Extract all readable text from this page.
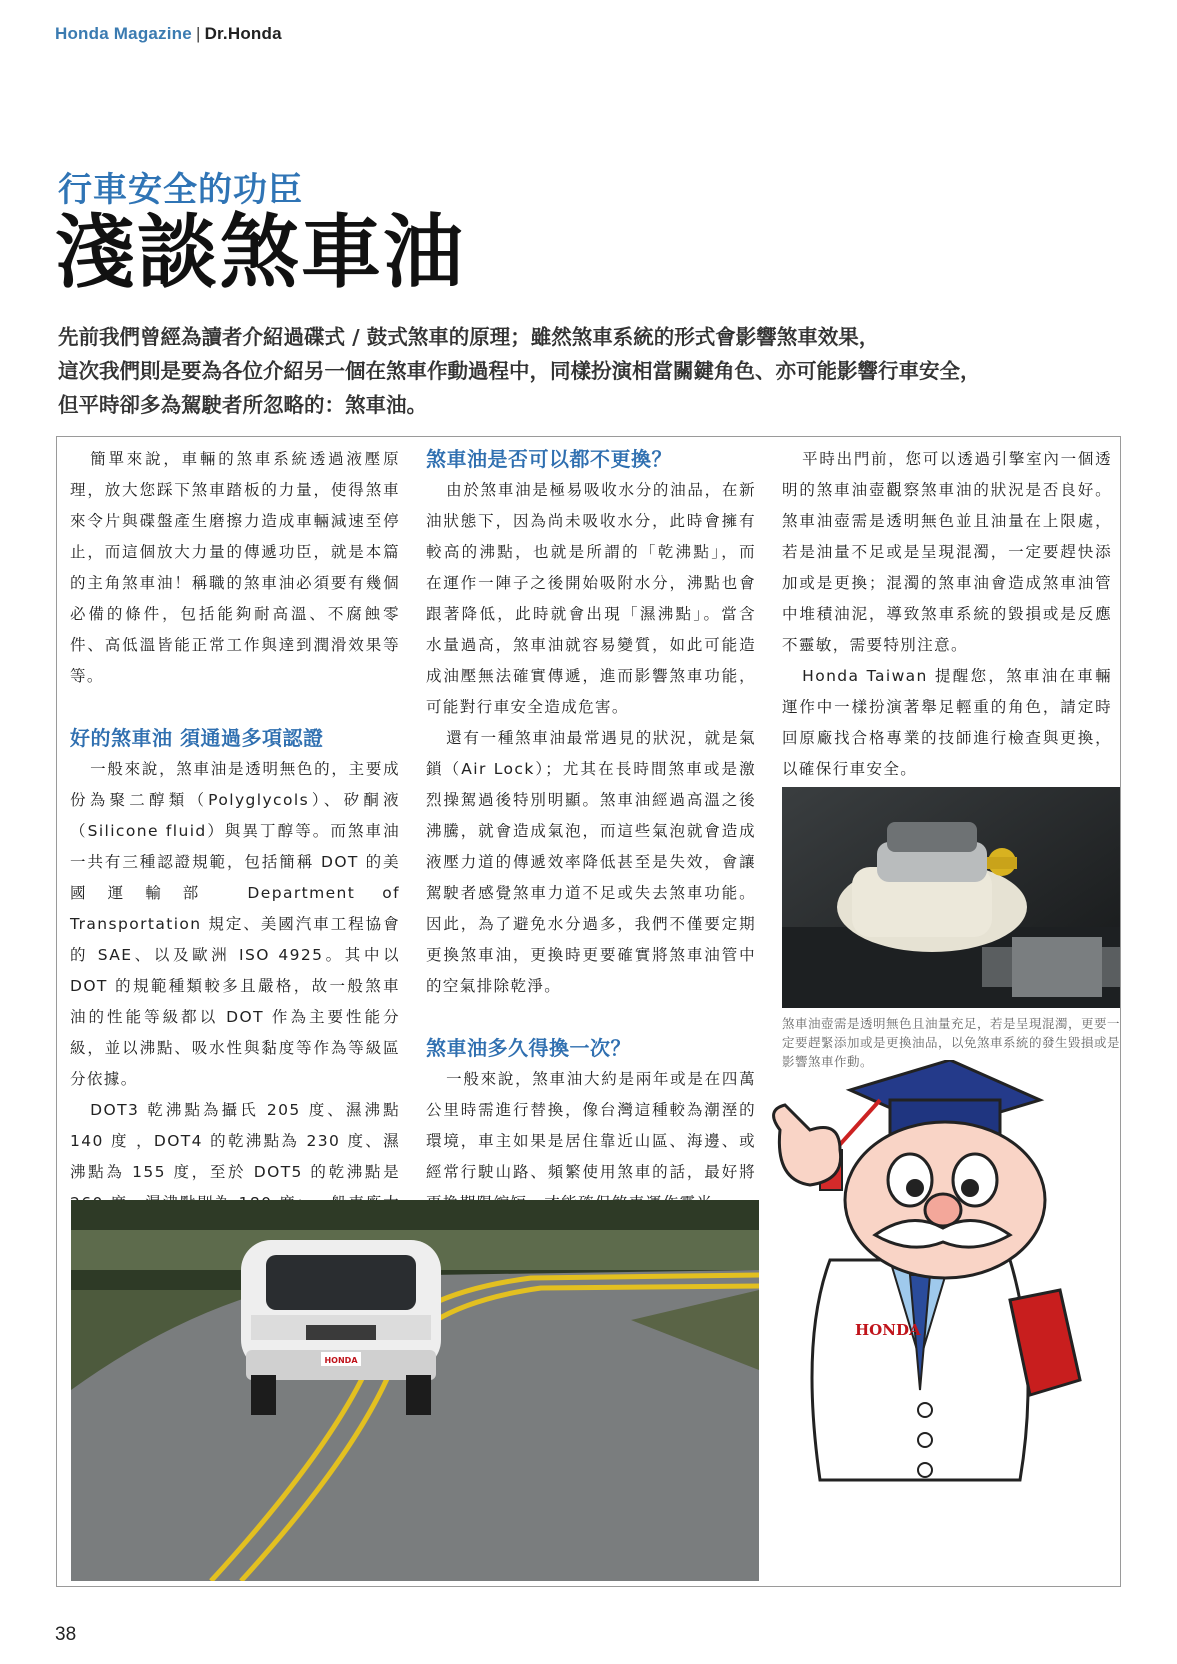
Honda Magazine | Dr.Honda
行車安全的功臣
淺談煞車油
先前我們曾經為讀者介紹過碟式 / 鼓式煞車的原理；雖然煞車系統的形式會影響煞車效果，
這次我們則是要為各位介紹另一個在煞車作動過程中，同樣扮演相當關鍵角色、亦可能影響行車安全，
但平時卻多為駕駛者所忽略的：煞車油。

簡單來說，車輛的煞車系統透過液壓原理，放大您踩下煞車踏板的力量，使得煞車來令片與碟盤產生磨擦力造成車輛減速至停止，而這個放大力量的傳遞功臣，就是本篇的主角煞車油！稱職的煞車油必須要有幾個必備的條件，包括能夠耐高溫、不腐蝕零件、高低溫皆能正常工作與達到潤滑效果等等。

好的煞車油 須通過多項認證

一般來說，煞車油是透明無色的，主要成份為聚二醇類（Polyglycols）、矽酮液（Silicone fluid）與異丁醇等。而煞車油一共有三種認證規範，包括簡稱 DOT 的美國運輸部 Department of Transportation 規定、美國汽車工程協會的 SAE、以及歐洲 ISO 4925。其中以 DOT 的規範種類較多且嚴格，故一般煞車油的性能等級都以 DOT 作為主要性能分級，並以沸點、吸水性與黏度等作為等級區分依據。

DOT3 乾沸點為攝氏 205 度、濕沸點 140 度 ，DOT4 的乾沸點為 230 度、濕沸點為 155 度，至於 DOT5 的乾沸點是

煞車油是否可以都不更換？

由於煞車油是極易吸收水分的油品，在新油狀態下，因為尚未吸收水分，此時會擁有較高的沸點，也就是所謂的「乾沸點」，而在運作一陣子之後開始吸附水分，沸點也會跟著降低，此時就會出現「濕沸點」。當含水量過高，煞車油就容易變質，如此可能造成油壓無法確實傳遞，進而影響煞車功能，可能對行車安全造成危害。

還有一種煞車油最常遇見的狀況，就是氣鎖（Air Lock）；尤其在長時間煞車或是激烈操駕過後特別明顯。煞車油經過高溫之後沸騰，就會造成氣泡，而這些氣泡就會造成液壓力道的傳遞效率降低甚至是失效，會讓駕駛者感覺煞車力道不足或失去煞車功能。因此，為了避免水分過多，我們不僅要定期更換煞車油，更換時更要確實將煞車油管中的空氣排除乾淨。

煞車油多久得換一次？

一般來說，煞車油大約是兩年或是在四萬公里時需進行替換，像台灣這種較為潮溼的環境，車主如果是居住靠近山區、海邊、或經常行駛山路、頻繁使用煞車的話，最好將

平時出門前，您可以透過引擎室內一個透明的煞車油壺觀察煞車油的狀況是否良好。煞車油壺需是透明無色並且油量在上限處，若是油量不足或是呈現混濁，一定要趕快添加或是更換；混濁的煞車油會造成煞車油管中堆積油泥，導致煞車系統的毀損或是反應不靈敏，需要特別注意。

Honda Taiwan 提醒您，煞車油在車輛運作中一樣扮演著舉足輕重的角色，請定時回原廠找合格專業的技師進行檢查與更換，以確保行車安全。

煞車油壺需是透明無色且油量充足，若是呈現混濁，更要一定要趕緊添加或是更換油品，以免煞車系統的發生毀損或是影響煞車作動。
HONDA
HONDA
38
